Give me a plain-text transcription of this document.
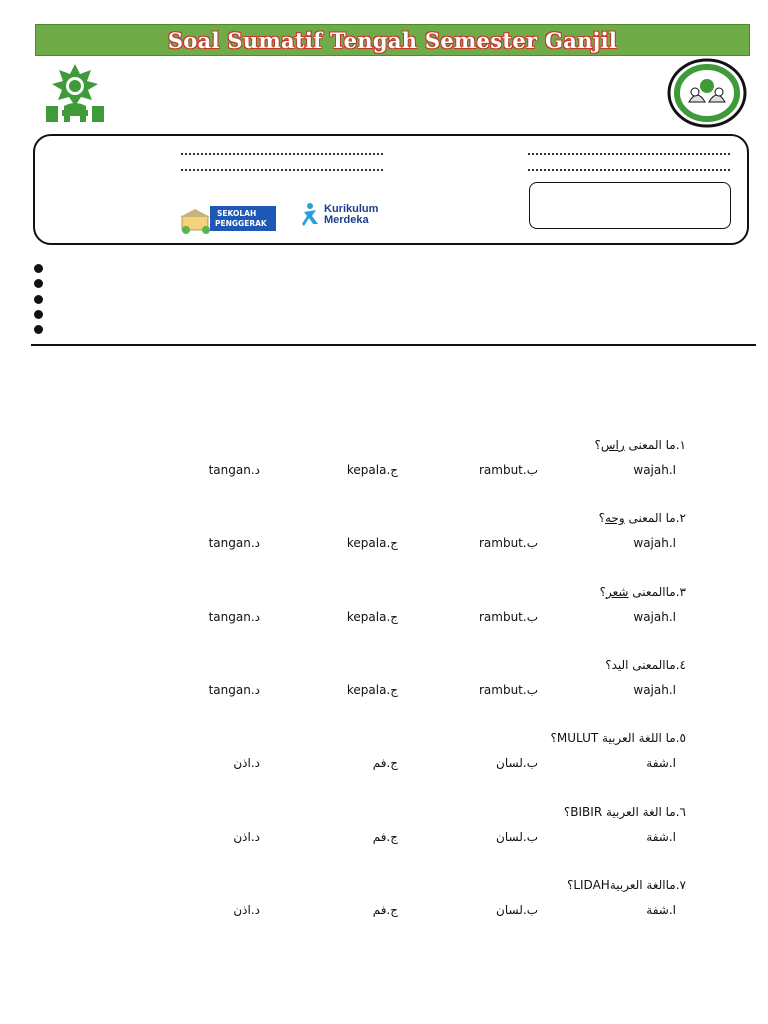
Soal Sumatif Tengah Semester Ganjil
SEKOLAH
PENGGERAK
Kurikulum
Merdeka
١.ما المعنى راس؟
ا.wajah
ب.rambut
ج.kepala
د.tangan
٢.ما المعنى وجه؟
ا.wajah
ب.rambut
ج.kepala
د.tangan
٣.ماالمعنى شعر؟
ا.wajah
ب.rambut
ج.kepala
د.tangan
٤.ماالمعنى اليد؟
ا.wajah
ب.rambut
ج.kepala
د.tangan
٥.ما اللغة العربية MULUT؟
ا.شفة
ب.لسان
ج.فم
د.اذن
٦.ما الغة العربية BIBIR؟
ا.شفة
ب.لسان
ج.فم
د.اذن
٧.ماالغة العربيةLIDAH؟
ا.شفة
ب.لسان
ج.فم
د.اذن
